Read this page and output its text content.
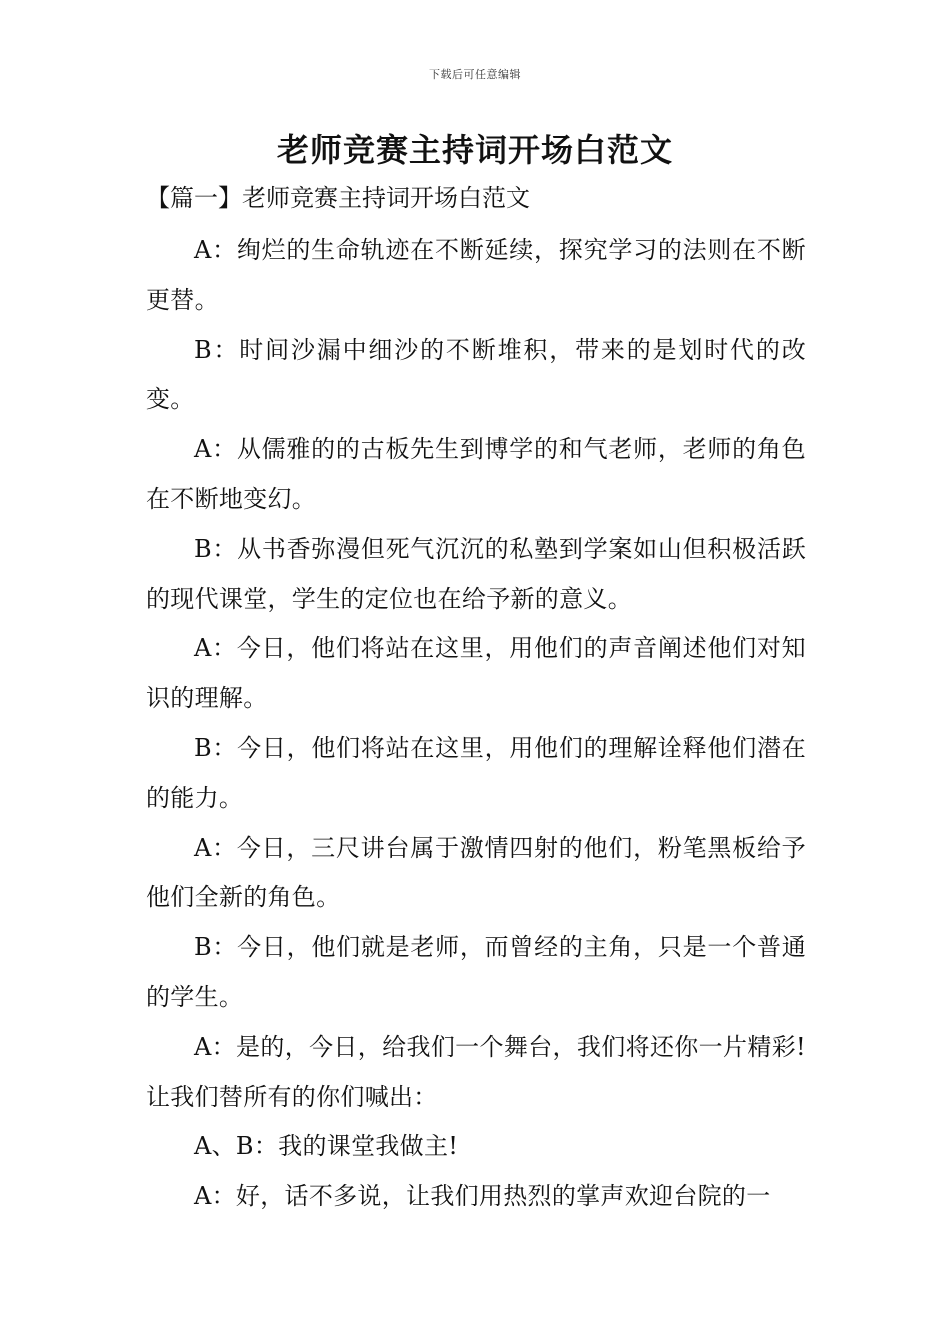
下载后可任意编辑
老师竞赛主持词开场白范文
【篇一】老师竞赛主持词开场白范文

A：绚烂的生命轨迹在不断延续，探究学习的法则在不断更替。

B：时间沙漏中细沙的不断堆积，带来的是划时代的改变。

A：从儒雅的的古板先生到博学的和气老师，老师的角色在不断地变幻。

B：从书香弥漫但死气沉沉的私塾到学案如山但积极活跃的现代课堂，学生的定位也在给予新的意义。

A：今日，他们将站在这里，用他们的声音阐述他们对知识的理解。

B：今日，他们将站在这里，用他们的理解诠释他们潜在的能力。

A：今日，三尺讲台属于激情四射的他们，粉笔黑板给予他们全新的角色。

B：今日，他们就是老师，而曾经的主角，只是一个普通的学生。

A：是的，今日，给我们一个舞台，我们将还你一片精彩!让我们替所有的你们喊出：

A、B：我的课堂我做主!

A：好，话不多说，让我们用热烈的掌声欢迎台院的一
